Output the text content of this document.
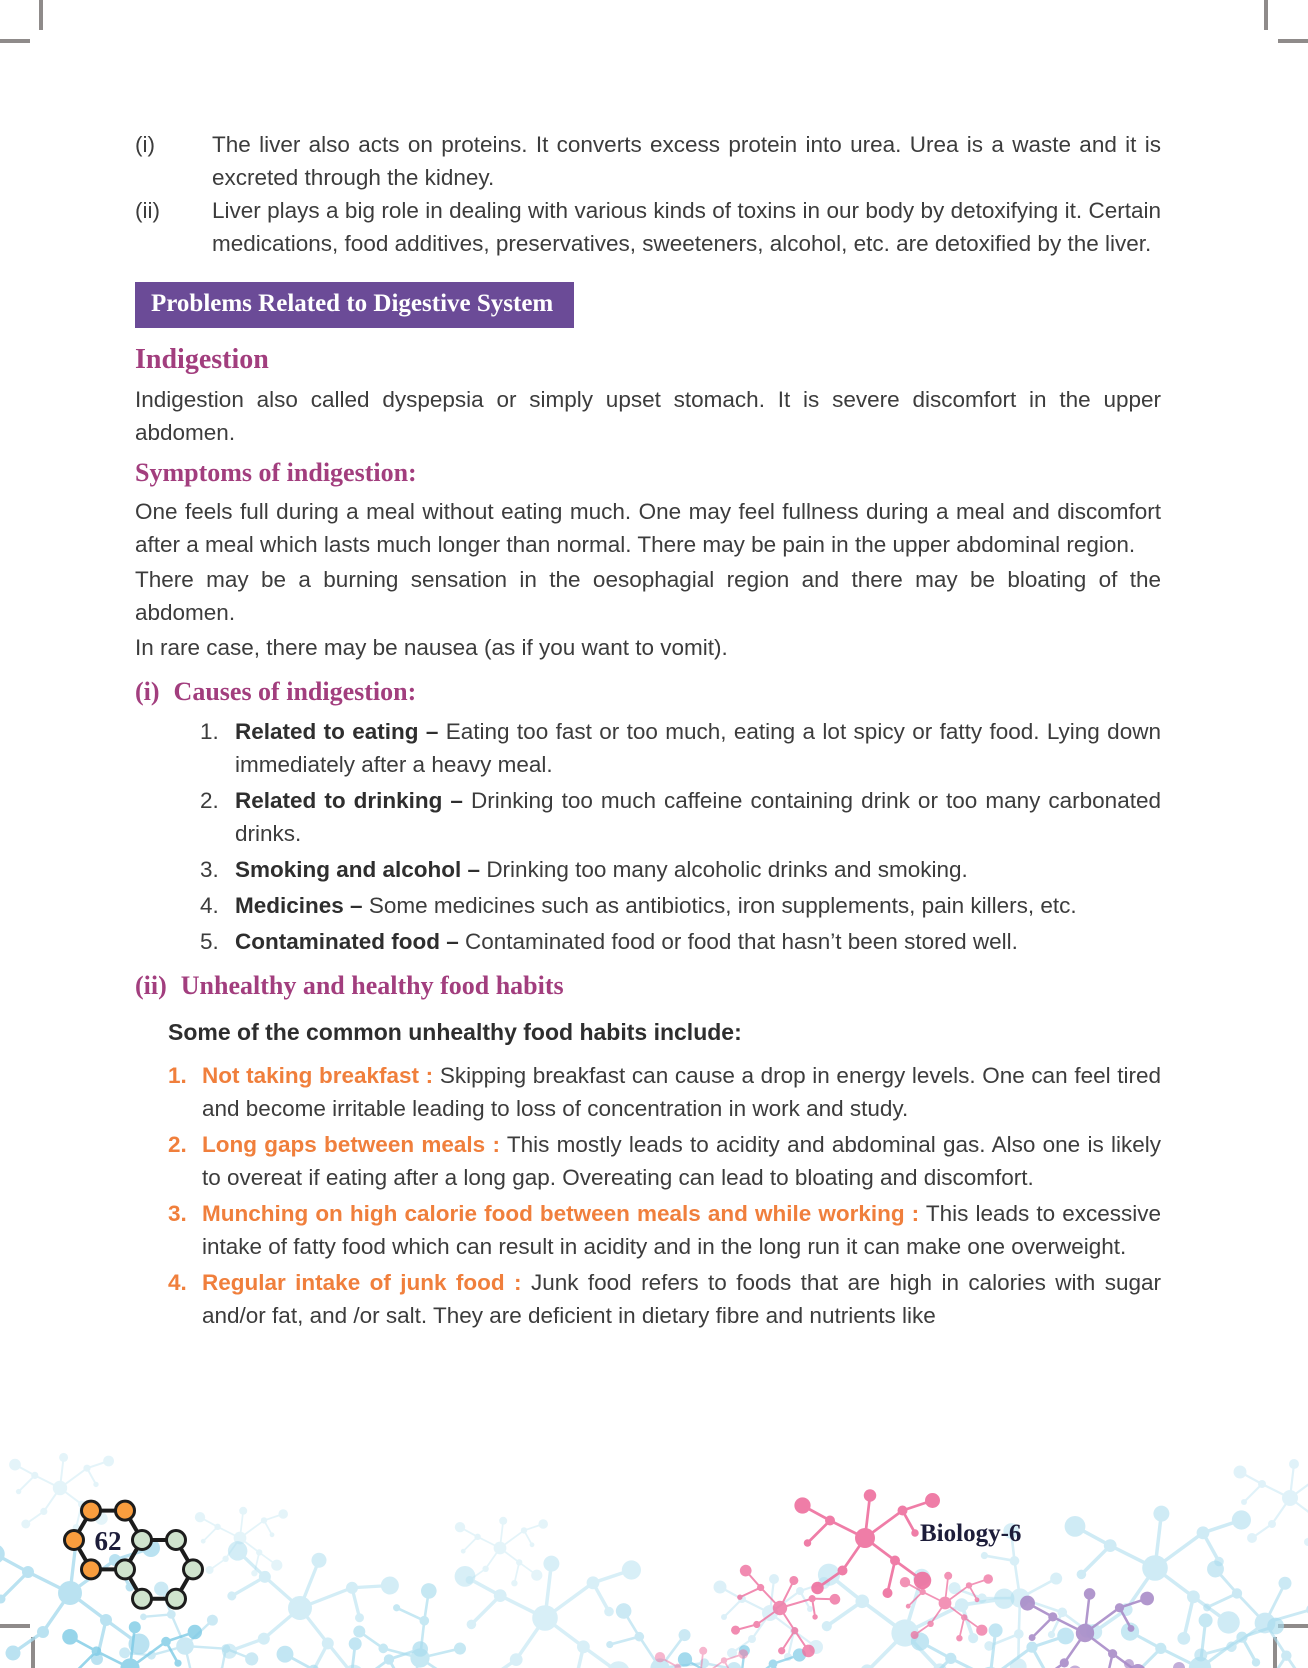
(i)	The liver also acts on proteins. It converts excess protein into urea. Urea is a waste and it is excreted through the kidney.
(ii)	Liver plays a big role in dealing with various kinds of toxins in our body by detoxifying it. Certain medications, food additives, preservatives, sweeteners, alcohol, etc. are detoxified by the liver.
Problems Related to Digestive System
Indigestion

Indigestion also called dyspepsia or simply upset stomach. It is severe discomfort in the upper abdomen.

Symptoms of indigestion:

One feels full during a meal without eating much. One may feel fullness during a meal and discomfort after a meal which lasts much longer than normal. There may be pain in the upper abdominal region.

There may be a burning sensation in the oesophagial region and there may be bloating of the abdomen.

In rare case, there may be nausea (as if you want to vomit).

(i) Causes of indigestion:
1. Related to eating – Eating too fast or too much, eating a lot spicy or fatty food. Lying down immediately after a heavy meal.
2. Related to drinking – Drinking too much caffeine containing drink or too many carbonated drinks.
3. Smoking and alcohol – Drinking too many alcoholic drinks and smoking.
4. Medicines – Some medicines such as antibiotics, iron supplements, pain killers, etc.
5. Contaminated food – Contaminated food or food that hasn’t been stored well.
(ii) Unhealthy and healthy food habits
Some of the common unhealthy food habits include:
1. Not taking breakfast : Skipping breakfast can cause a drop in energy levels. One can feel tired and become irritable leading to loss of concentration in work and study.
2. Long gaps between meals : This mostly leads to acidity and abdominal gas. Also one is likely to overeat if eating after a long gap. Overeating can lead to bloating and discomfort.
3. Munching on high calorie food between meals and while working : This leads to excessive intake of fatty food which can result in acidity and in the long run it can make one overweight.
4. Regular intake of junk food : Junk food refers to foods that are high in calories with sugar and/or fat, and /or salt. They are deficient in dietary fibre and nutrients like
62	Biology-6
